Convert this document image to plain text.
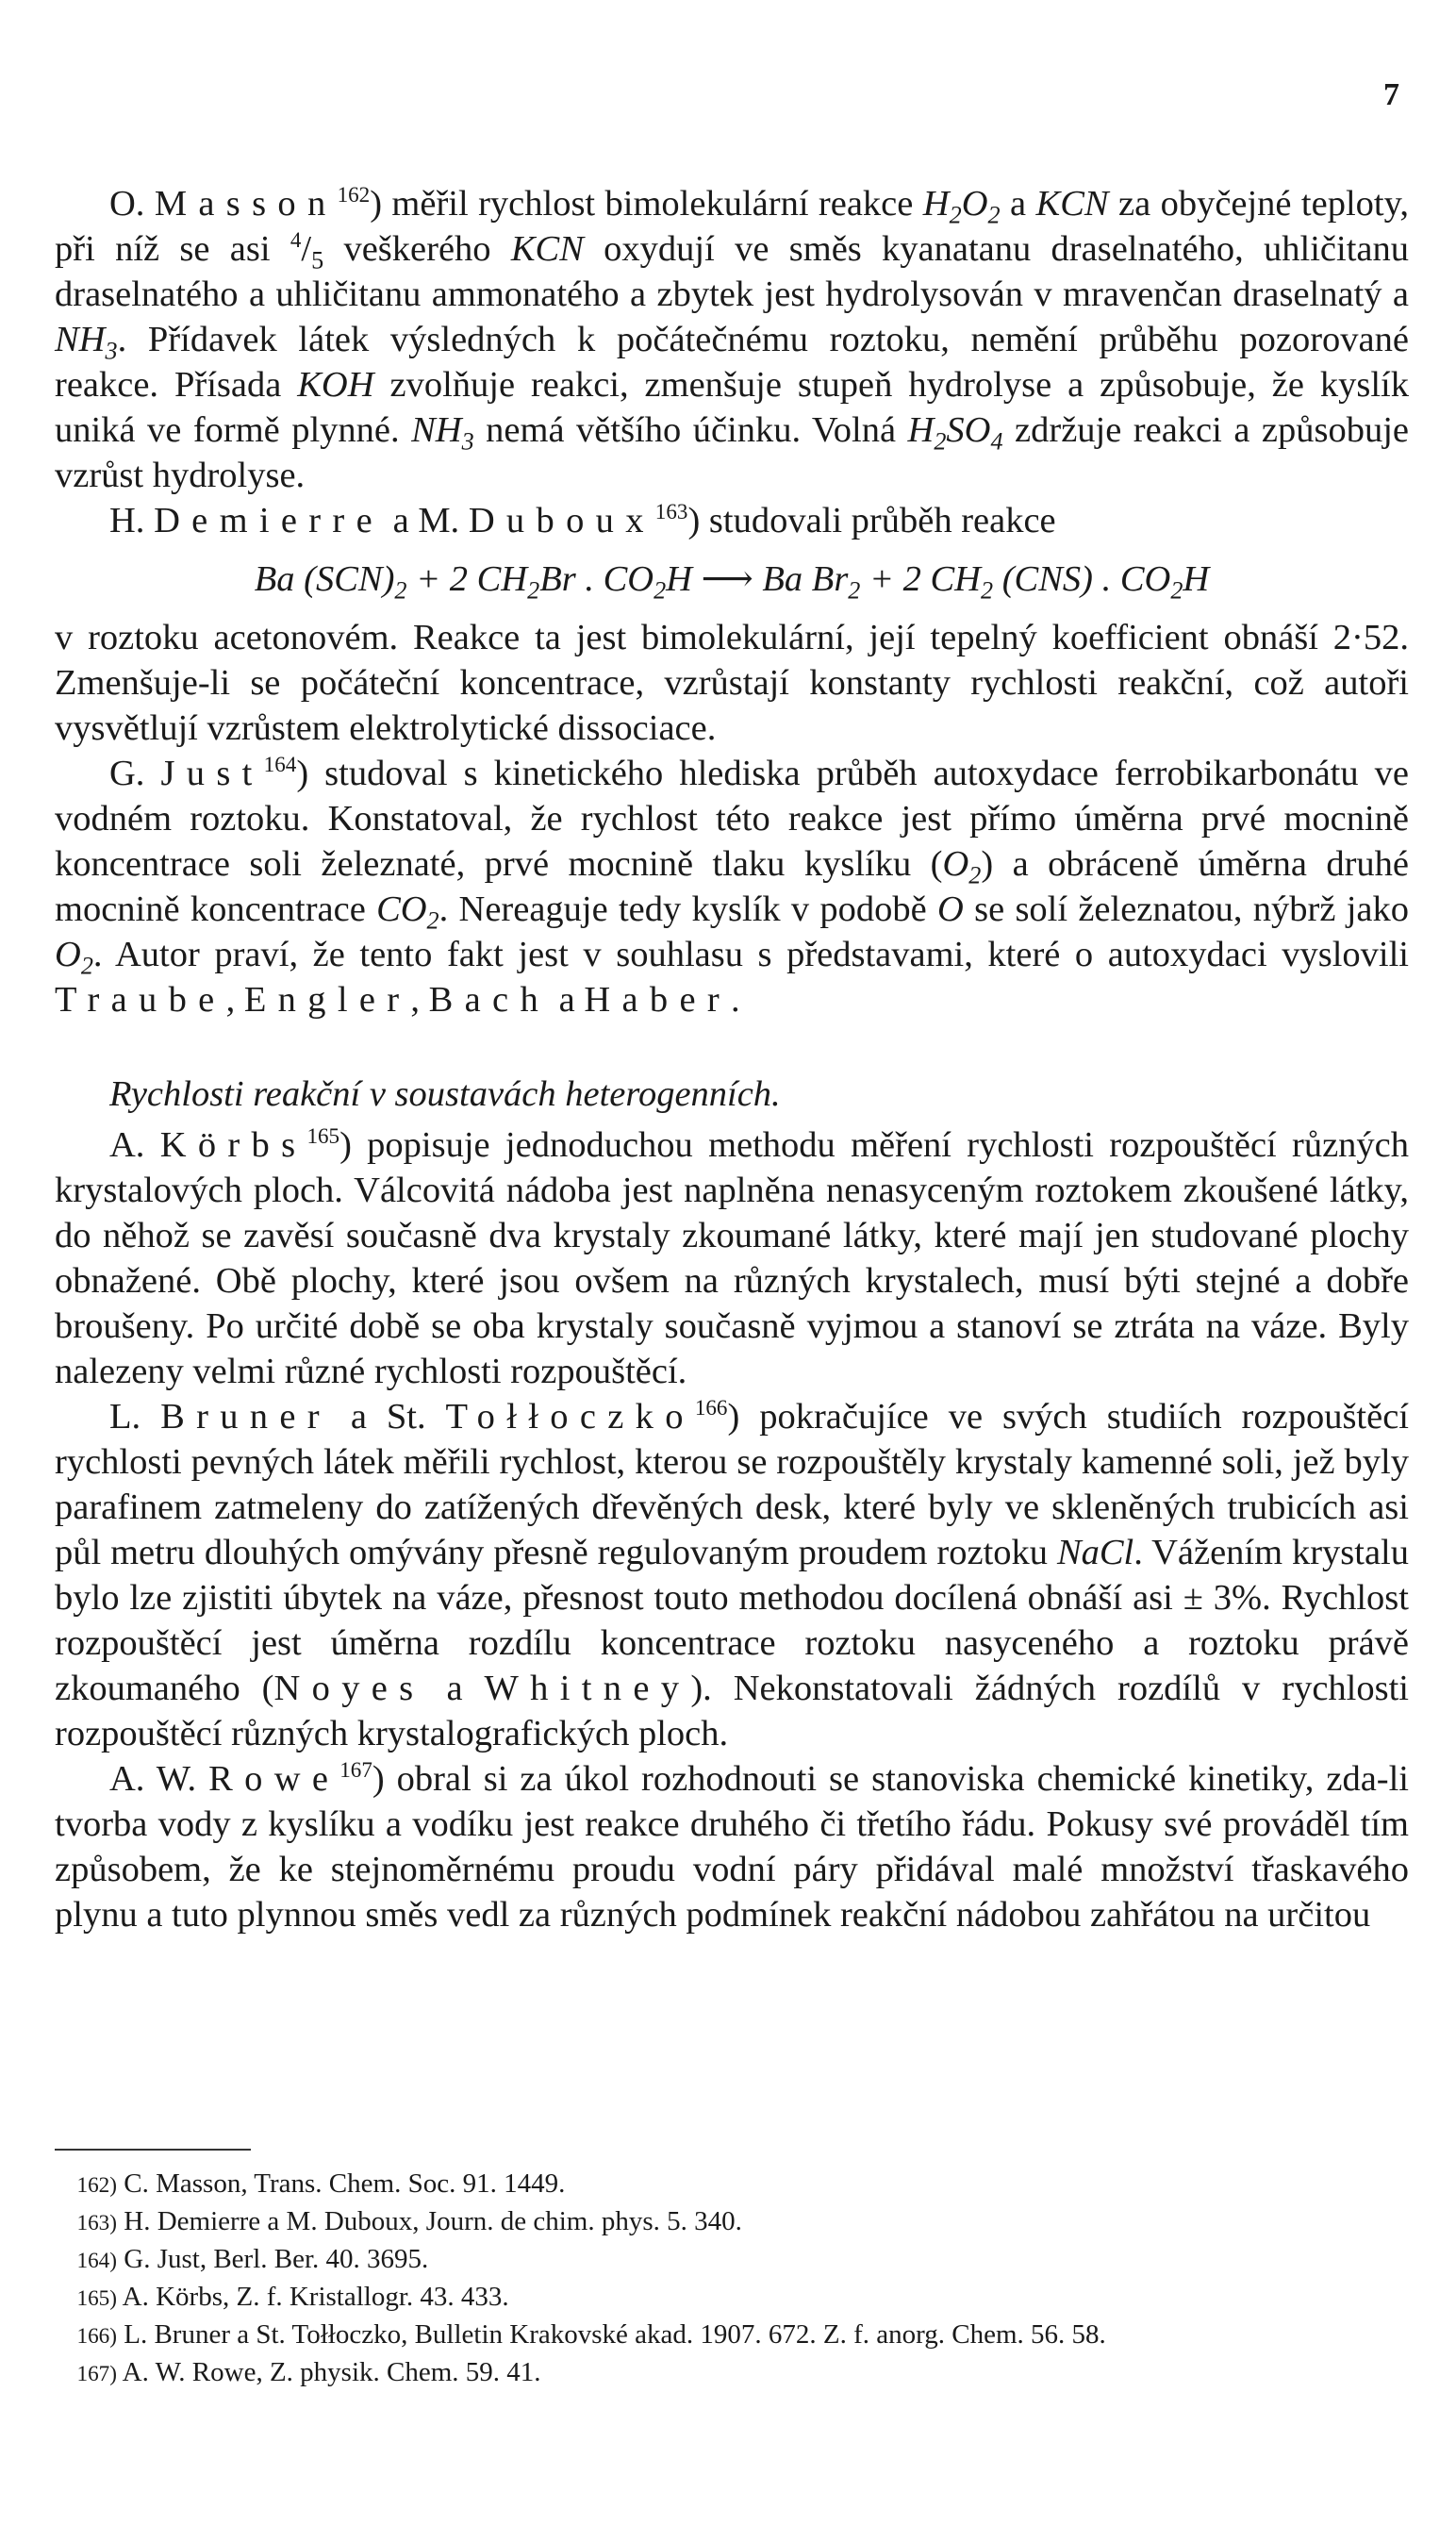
7

O. Masson$^{162}$) měřil rychlost bimolekulární reakce $H_2O_2$ a KCN za obyčejné teploty, při níž se asi $^4/_5$ veškerého KCN oxydují ve směs kyanatanu draselnatého, uhličitanu draselnatého a uhličitanu ammonatého a zbytek jest hydrolysován v mravenčan draselnatý a $NH_3$. Přídavek látek výsledných k počátečnému roztoku, nemění průběhu pozorované reakce. Přísada KOH zvolňuje reakci, zmenšuje stupeň hydrolyse a způsobuje, že kyslík uniká ve formě plynné. $NH_3$ nemá většího účinku. Volná $H_2SO_4$ zdržuje reakci a způsobuje vzrůst hydrolyse.

H. Demierre a M. Duboux$^{163}$) studovali průběh reakce

Ba $(SCN)_2 + 2$ $CH_2Br$ . $CO_2H$ ⟶ Ba $Br_2 + 2$ $CH_2$ (CNS) . $CO_2H$

v roztoku acetonovém. Reakce ta jest bimolekulární, její tepelný koefficient obnáší 2·52. Zmenšuje-li se počáteční koncentrace, vzrůstají konstanty rychlosti reakční, což autoři vysvětlují vzrůstem elektrolytické dissociace.

G. Just$^{164}$) studoval s kinetického hlediska průběh autoxydace ferrobikarbonátu ve vodném roztoku. Konstatoval, že rychlost této reakce jest přímo úměrna prvé mocnině koncentrace soli železnaté, prvé mocnině tlaku kyslíku $(O_2)$ a obráceně úměrna druhé mocnině koncentrace $CO_2$. Nereaguje tedy kyslík v podobě O se solí železnatou, nýbrž jako $O_2$. Autor praví, že tento fakt jest v souhlasu s představami, které o autoxydaci vyslovili Traube, Engler, Bach a Haber.

Rychlosti reakční v soustavách heterogenních.

A. Körbs$^{165}$) popisuje jednoduchou methodu měření rychlosti rozpouštěcí různých krystalových ploch. Válcovitá nádoba jest naplněna nenasyceným roztokem zkoušené látky, do něhož se zavěsí současně dva krystaly zkoumané látky, které mají jen studované plochy obnažené. Obě plochy, které jsou ovšem na různých krystalech, musí býti stejné a dobře broušeny. Po určité době se oba krystaly současně vyjmou a stanoví se ztráta na váze. Byly nalezeny velmi různé rychlosti rozpouštěcí.

L. Bruner a St. Tołłoczko$^{166}$) pokračujíce ve svých studiích rozpouštěcí rychlosti pevných látek měřili rychlost, kterou se rozpouštěly krystaly kamenné soli, jež byly parafinem zatmeleny do zatížených dřevěných desk, které byly ve skleněných trubicích asi půl metru dlouhých omývány přesně regulovaným proudem roztoku NaCl. Vážením krystalu bylo lze zjistiti úbytek na váze, přesnost touto methodou docílená obnáší asi ± 3%. Rychlost rozpouštěcí jest úměrna rozdílu koncentrace roztoku nasyceného a roztoku právě zkoumaného (Noyes a Whitney). Nekonstatovali žádných rozdílů v rychlosti rozpouštěcí různých krystalografických ploch.

A. W. Rowe$^{167}$) obral si za úkol rozhodnouti se stanoviska chemické kinetiky, zda-li tvorba vody z kyslíku a vodíku jest reakce druhého či třetího řádu. Pokusy své prováděl tím způsobem, že ke stejnoměrnému proudu vodní páry přidával malé množství třaskavého plynu a tuto plynnou směs vedl za různých podmínek reakční nádobou zahřátou na určitou

162) C. Masson, Trans. Chem. Soc. 91. 1449.

163) H. Demierre a M. Duboux, Journ. de chim. phys. 5. 340.

164) G. Just, Berl. Ber. 40. 3695.

165) A. Körbs, Z. f. Kristallogr. 43. 433.

166) L. Bruner a St. Tołłoczko, Bulletin Krakovské akad. 1907. 672. Z. f. anorg. Chem. 56. 58.

167) A. W. Rowe, Z. physik. Chem. 59. 41.
